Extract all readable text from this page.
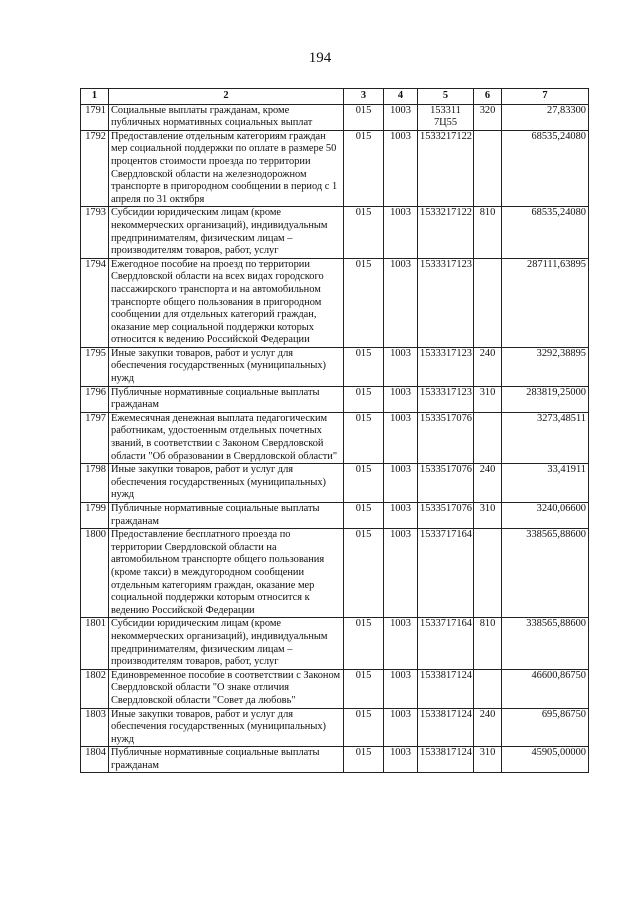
194
1	2	3	4	5	6	7
1791	Социальные выплаты гражданам, кроме публичных нормативных социальных выплат	015	1003	153311 7Ц55	320	27,83300
1792	Предоставление отдельным категориям граждан мер социальной поддержки по оплате в размере 50 процентов стоимости проезда по территории Свердловской области на железнодорожном транспорте в пригородном сообщении в период с 1 апреля по 31 октября	015	1003	1533217122		68535,24080
1793	Субсидии юридическим лицам (кроме некоммерческих организаций), индивидуальным предпринимателям, физическим лицам – производителям товаров, работ, услуг	015	1003	1533217122	810	68535,24080
1794	Ежегодное пособие на проезд по территории Свердловской области на всех видах городского пассажирского транспорта и на автомобильном транспорте общего пользования в пригородном сообщении для отдельных категорий граждан, оказание мер социальной поддержки которых относится к ведению Российской Федерации	015	1003	1533317123		287111,63895
1795	Иные закупки товаров, работ и услуг для обеспечения государственных (муниципальных) нужд	015	1003	1533317123	240	3292,38895
1796	Публичные нормативные социальные выплаты гражданам	015	1003	1533317123	310	283819,25000
1797	Ежемесячная денежная выплата педагогическим работникам, удостоенным отдельных почетных званий, в соответствии с Законом Свердловской области "Об образовании в Свердловской области"	015	1003	1533517076		3273,48511
1798	Иные закупки товаров, работ и услуг для обеспечения государственных (муниципальных) нужд	015	1003	1533517076	240	33,41911
1799	Публичные нормативные социальные выплаты гражданам	015	1003	1533517076	310	3240,06600
1800	Предоставление бесплатного проезда по территории Свердловской области на автомобильном транспорте общего пользования (кроме такси) в междугородном сообщении отдельным категориям граждан, оказание мер социальной поддержки которым относится к ведению Российской Федерации	015	1003	1533717164		338565,88600
1801	Субсидии юридическим лицам (кроме некоммерческих организаций), индивидуальным предпринимателям, физическим лицам – производителям товаров, работ, услуг	015	1003	1533717164	810	338565,88600
1802	Единовременное пособие в соответствии с Законом Свердловской области "О знаке отличия Свердловской области "Совет да любовь"	015	1003	1533817124		46600,86750
1803	Иные закупки товаров, работ и услуг для обеспечения государственных (муниципальных) нужд	015	1003	1533817124	240	695,86750
1804	Публичные нормативные социальные выплаты гражданам	015	1003	1533817124	310	45905,00000
